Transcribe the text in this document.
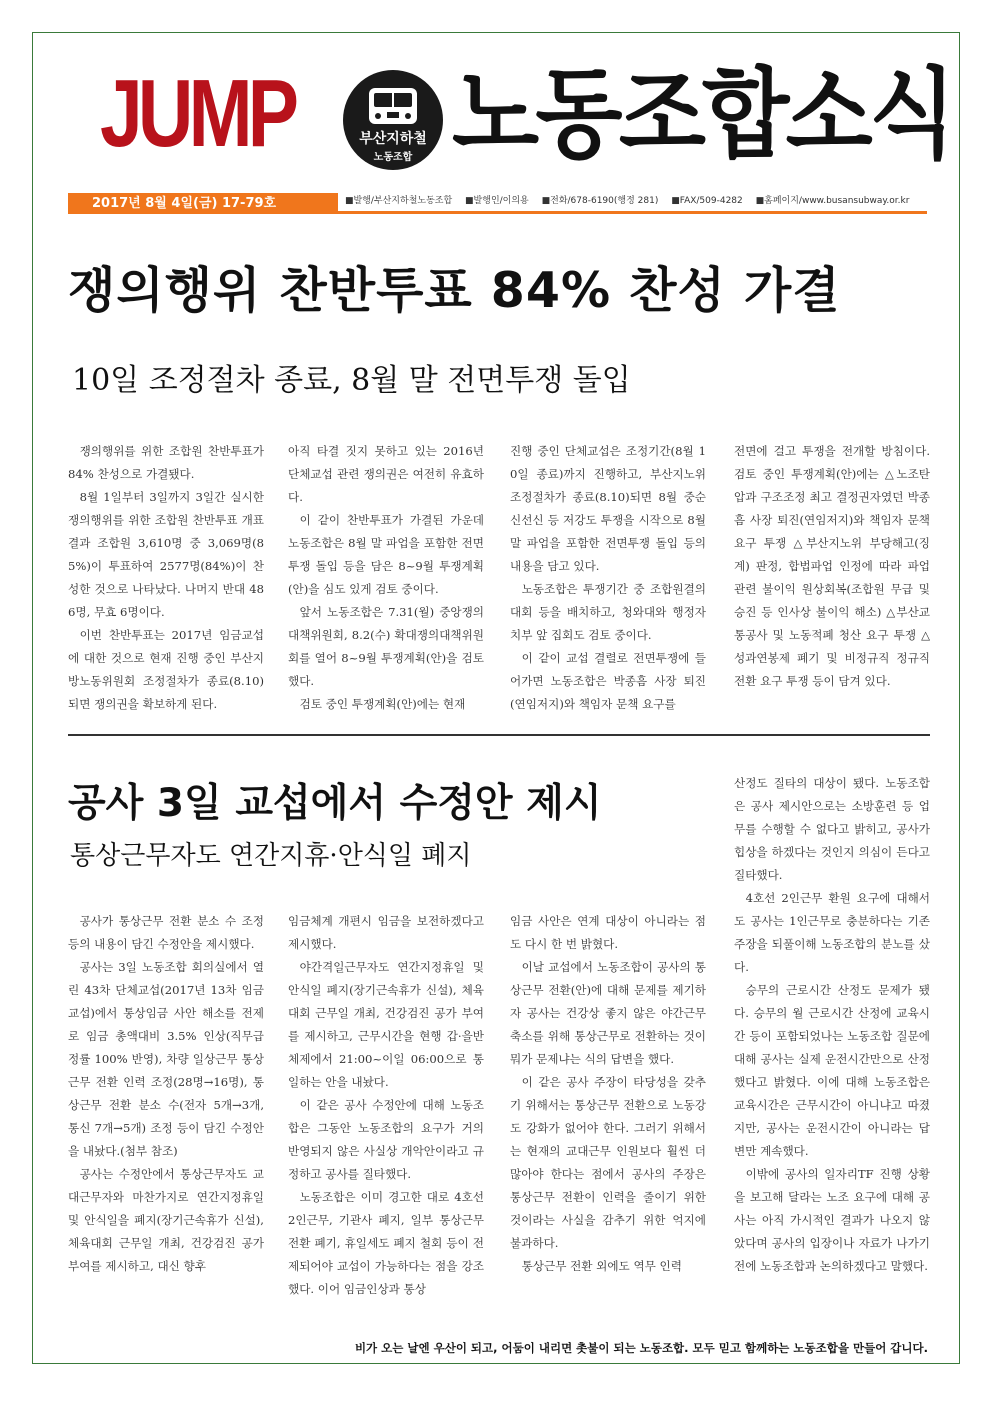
JUMP	부산지하철
노동조합 노동조합소식
2017년 8월 4일(금) 17-79호	■발행/부산지하철노동조합 ■발행인/이의용 ■전화/678-6190(행정 281) ■FAX/509-4282 ■홈페이지/www.busansubway.or.kr
쟁의행위 찬반투표 84% 찬성 가결
10일 조정절차 종료, 8월 말 전면투쟁 돌입

쟁의행위를 위한 조합원 찬반투표가 84% 찬성으로 가결됐다.

8월 1일부터 3일까지 3일간 실시한 쟁의행위를 위한 조합원 찬반투표 개표 결과 조합원 3,610명 중 3,069명(85%)이 투표하여 2577명(84%)이 찬성한 것으로 나타났다. 나머지 반대 486명, 무효 6명이다.

이번 찬반투표는 2017년 임금교섭에 대한 것으로 현재 진행 중인 부산지방노동위원회 조정절차가 종료(8.10)되면 쟁의권을 확보하게 된다.

아직 타결 짓지 못하고 있는 2016년 단체교섭 관련 쟁의권은 여전히 유효하다.

이 같이 찬반투표가 가결된 가운데 노동조합은 8월 말 파업을 포함한 전면투쟁 돌입 등을 담은 8~9월 투쟁계획(안)을 심도 있게 검토 중이다.

앞서 노동조합은 7.31(월) 중앙쟁의대책위원회, 8.2(수) 확대쟁의대책위원회를 열어 8~9월 투쟁계획(안)을 검토했다.

검토 중인 투쟁계획(안)에는 현재

진행 중인 단체교섭은 조정기간(8월 10일 종료)까지 진행하고, 부산지노위 조정절차가 종료(8.10)되면 8월 중순 신선신 등 저강도 투쟁을 시작으로 8월 말 파업을 포함한 전면투쟁 돌입 등의 내용을 담고 있다.

노동조합은 투쟁기간 중 조합원결의대회 등을 배치하고, 청와대와 행정자치부 앞 집회도 검토 중이다.

이 같이 교섭 결렬로 전면투쟁에 들어가면 노동조합은 박종흠 사장 퇴진(연임저지)와 책임자 문책 요구를

전면에 걸고 투쟁을 전개할 방침이다. 검토 중인 투쟁계획(안)에는 △노조탄압과 구조조정 최고 결정권자였던 박종흠 사장 퇴진(연임저지)와 책임자 문책 요구 투쟁 △부산지노위 부당해고(징계) 판정, 합법파업 인정에 따라 파업 관련 불이익 원상회복(조합원 무급 및 승진 등 인사상 불이익 해소) △부산교통공사 및 노동적폐 청산 요구 투쟁 △성과연봉제 폐기 및 비정규직 정규직 전환 요구 투쟁 등이 담겨 있다.

공사 3일 교섭에서 수정안 제시
통상근무자도 연간지휴·안식일 폐지

공사가 통상근무 전환 분소 수 조정 등의 내용이 담긴 수정안을 제시했다.

공사는 3일 노동조합 회의실에서 열린 43차 단체교섭(2017년 13차 임금교섭)에서 통상임금 사안 해소를 전제로 임금 총액대비 3.5% 인상(직무급 정률 100% 반영), 차량 일상근무 통상근무 전환 인력 조정(28명→16명), 통상근무 전환 분소 수(전자 5개→3개, 통신 7개→5개) 조정 등이 담긴 수정안을 내놨다.(첨부 참조)

공사는 수정안에서 통상근무자도 교대근무자와 마찬가지로 연간지정휴일 및 안식일을 폐지(장기근속휴가 신설), 체육대회 근무일 개최, 건강검진 공가 부여를 제시하고, 대신 향후

임금체계 개편시 임금을 보전하겠다고 제시했다.

야간격일근무자도 연간지정휴일 및 안식일 폐지(장기근속휴가 신설), 체육대회 근무일 개최, 건강검진 공가 부여를 제시하고, 근무시간을 현행 갑·을반 체제에서 21:00~이일 06:00으로 통일하는 안을 내놨다.

이 같은 공사 수정안에 대해 노동조합은 그동안 노동조합의 요구가 거의 반영되지 않은 사실상 개악안이라고 규정하고 공사를 질타했다.

노동조합은 이미 경고한 대로 4호선 2인근무, 기관사 폐지, 일부 통상근무 전환 폐기, 휴일세도 폐지 철회 등이 전제되어야 교섭이 가능하다는 점을 강조했다. 이어 임금인상과 통상

임금 사안은 연계 대상이 아니라는 점도 다시 한 번 밝혔다.

이날 교섭에서 노동조합이 공사의 통상근무 전환(안)에 대해 문제를 제기하자 공사는 건강상 좋지 않은 야간근무 축소를 위해 통상근무로 전환하는 것이 뭐가 문제냐는 식의 답변을 했다.

이 같은 공사 주장이 타당성을 갖추기 위해서는 통상근무 전환으로 노동강도 강화가 없어야 한다. 그러기 위해서는 현재의 교대근무 인원보다 훨씬 더 많아야 한다는 점에서 공사의 주장은 통상근무 전환이 인력을 줄이기 위한 것이라는 사실을 감추기 위한 억지에 불과하다.

통상근무 전환 외에도 역무 인력

산정도 질타의 대상이 됐다. 노동조합은 공사 제시안으로는 소방훈련 등 업무를 수행할 수 없다고 밝히고, 공사가 힙상을 하겠다는 것인지 의심이 든다고 질타했다.

4호선 2인근무 환원 요구에 대해서도 공사는 1인근무로 충분하다는 기존 주장을 되풀이해 노동조합의 분노를 샀다.

승무의 근로시간 산정도 문제가 됐다. 승무의 월 근로시간 산정에 교육시간 등이 포함되었나는 노동조합 질문에 대해 공사는 실제 운전시간만으로 산정했다고 밝혔다. 이에 대해 노동조합은 교육시간은 근무시간이 아니냐고 따졌지만, 공사는 운전시간이 아니라는 답변만 계속했다.

이밖에 공사의 일자리TF 진행 상황을 보고해 달라는 노조 요구에 대해 공사는 아직 가시적인 결과가 나오지 않았다며 공사의 입장이나 자료가 나가기 전에 노동조합과 논의하겠다고 말했다.

비가 오는 날엔 우산이 되고, 어둠이 내리면 촛불이 되는 노동조합. 모두 믿고 함께하는 노동조합을 만들어 갑니다.
